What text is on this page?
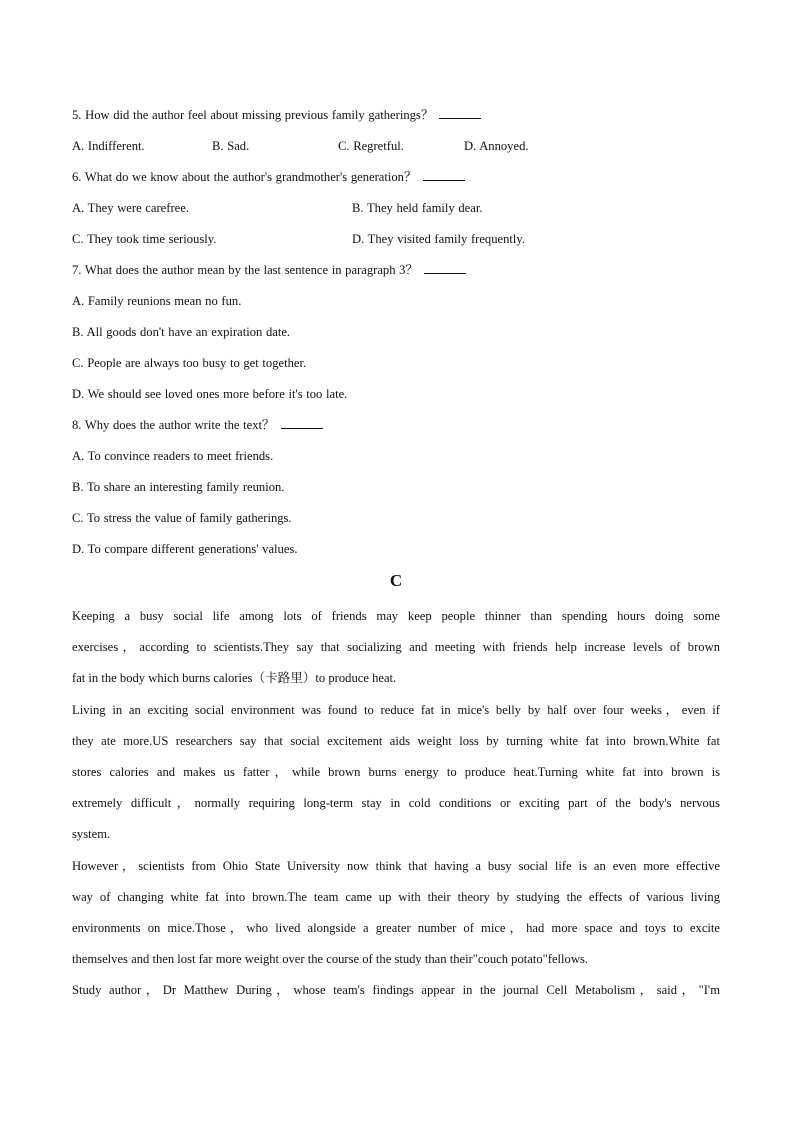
5. How did the author feel about missing previous family gatherings？
A. Indifferent.	B. Sad.	C. Regretful.	D. Annoyed.
6. What do we know about the author's grandmother's generation？
A. They were carefree.	B. They held family dear.
C. They took time seriously.	D. They visited family frequently.
7. What does the author mean by the last sentence in paragraph 3？
A. Family reunions mean no fun.
B. All goods don't have an expiration date.
C. People are always too busy to get together.
D. We should see loved ones more before it's too late.
8. Why does the author write the text？
A. To convince readers to meet friends.
B. To share an interesting family reunion.
C. To stress the value of family gatherings.
D. To compare different generations' values.
C
Keeping a busy social life among lots of friends may keep people thinner than spending hours doing some
exercises，according to scientists.They say that socializing and meeting with friends help increase levels of brown
fat in the body which burns calories（卡路里）to produce heat.
Living in an exciting social environment was found to reduce fat in mice's belly by half over four weeks，even if
they ate more.US researchers say that social excitement aids weight loss by turning white fat into brown.White fat
stores calories and makes us fatter，while brown burns energy to produce heat.Turning white fat into brown is
extremely difficult，normally requiring long-term stay in cold conditions or exciting part of the body's nervous
system.
However，scientists from Ohio State University now think that having a busy social life is an even more effective
way of changing white fat into brown.The team came up with their theory by studying the effects of various living
environments on mice.Those，who lived alongside a greater number of mice，had more space and toys to excite
themselves and then lost far more weight over the course of the study than their"couch potato"fellows.
Study author，Dr Matthew During，whose team's findings appear in the journal Cell Metabolism，said，"I'm
